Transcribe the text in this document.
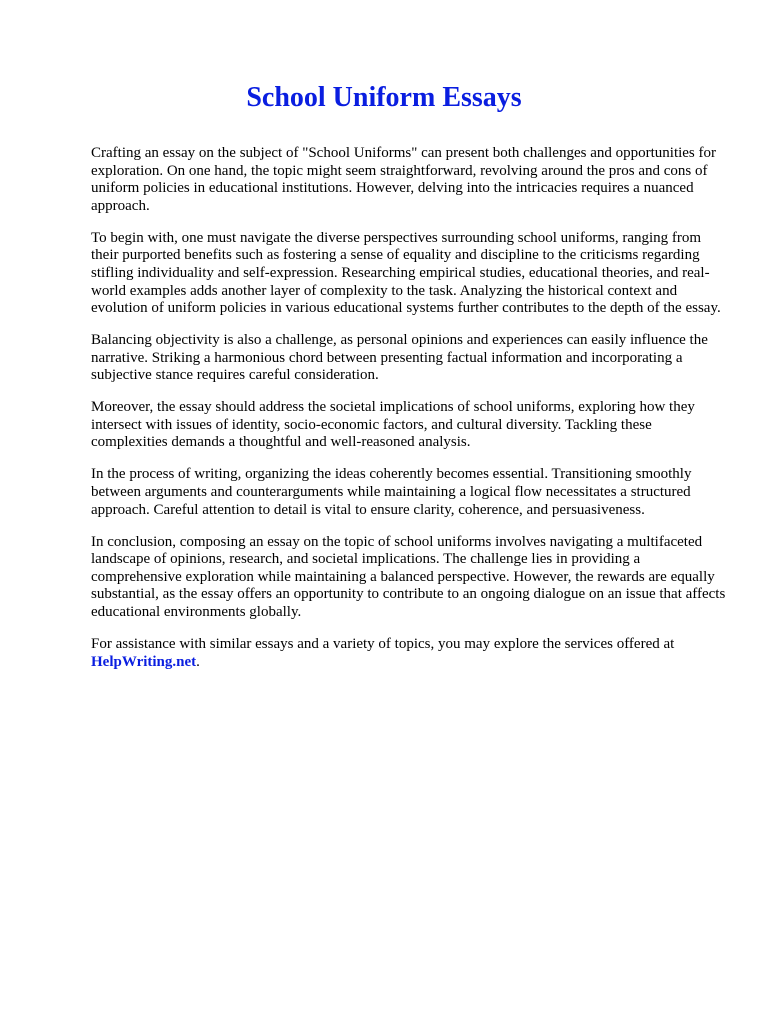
School Uniform Essays

Crafting an essay on the subject of "School Uniforms" can present both challenges and opportunities for exploration. On one hand, the topic might seem straightforward, revolving around the pros and cons of uniform policies in educational institutions. However, delving into the intricacies requires a nuanced approach.

To begin with, one must navigate the diverse perspectives surrounding school uniforms, ranging from their purported benefits such as fostering a sense of equality and discipline to the criticisms regarding stifling individuality and self-expression. Researching empirical studies, educational theories, and real-world examples adds another layer of complexity to the task. Analyzing the historical context and evolution of uniform policies in various educational systems further contributes to the depth of the essay.

Balancing objectivity is also a challenge, as personal opinions and experiences can easily influence the narrative. Striking a harmonious chord between presenting factual information and incorporating a subjective stance requires careful consideration.

Moreover, the essay should address the societal implications of school uniforms, exploring how they intersect with issues of identity, socio-economic factors, and cultural diversity. Tackling these complexities demands a thoughtful and well-reasoned analysis.

In the process of writing, organizing the ideas coherently becomes essential. Transitioning smoothly between arguments and counterarguments while maintaining a logical flow necessitates a structured approach. Careful attention to detail is vital to ensure clarity, coherence, and persuasiveness.

In conclusion, composing an essay on the topic of school uniforms involves navigating a multifaceted landscape of opinions, research, and societal implications. The challenge lies in providing a comprehensive exploration while maintaining a balanced perspective. However, the rewards are equally substantial, as the essay offers an opportunity to contribute to an ongoing dialogue on an issue that affects educational environments globally.

For assistance with similar essays and a variety of topics, you may explore the services offered at HelpWriting.net.
